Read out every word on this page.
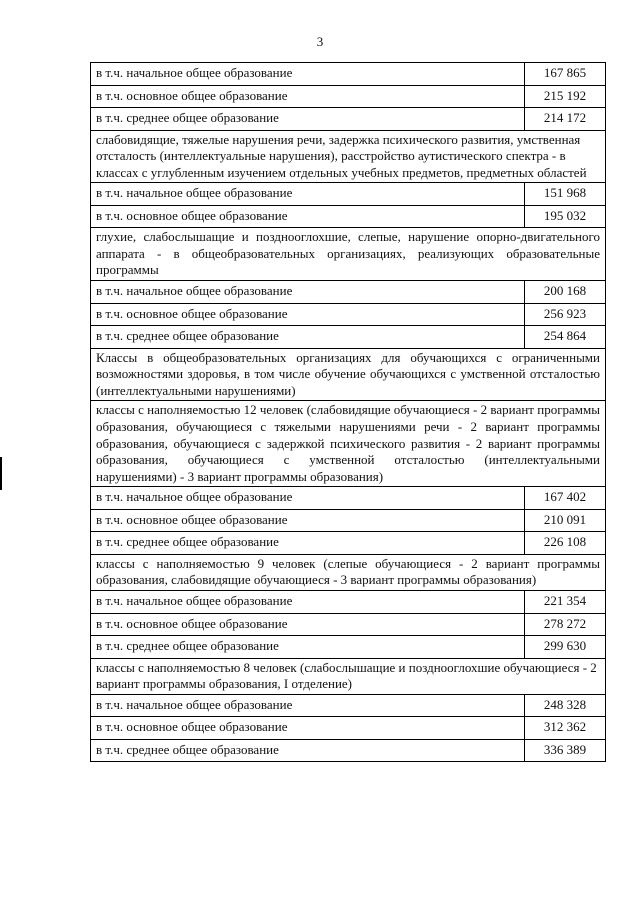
3
в т.ч. начальное общее образование	167 865
в т.ч. основное общее образование	215 192
в т.ч. среднее общее образование	214 172
слабовидящие, тяжелые нарушения речи, задержка психического развития, умственная отсталость (интеллектуальные нарушения), расстройство аутистического спектра - в классах с углубленным изучением отдельных учебных предметов, предметных областей	
в т.ч. начальное общее образование	151 968
в т.ч. основное общее образование	195 032
глухие, слабослышащие и позднооглохшие, слепые, нарушение опорно-двигательного аппарата - в общеобразовательных организациях, реализующих образовательные программы	
в т.ч. начальное общее образование	200 168
в т.ч. основное общее образование	256 923
в т.ч. среднее общее образование	254 864
Классы в общеобразовательных организациях для обучающихся с ограниченными возможностями здоровья, в том числе обучение обучающихся с умственной отсталостью (интеллектуальными нарушениями)	
классы с наполняемостью 12 человек (слабовидящие обучающиеся - 2 вариант программы образования, обучающиеся с тяжелыми нарушениями речи - 2 вариант программы образования, обучающиеся с задержкой психического развития - 2 вариант программы образования, обучающиеся с умственной отсталостью (интеллектуальными нарушениями) - 3 вариант программы образования)	
в т.ч. начальное общее образование	167 402
в т.ч. основное общее образование	210 091
в т.ч. среднее общее образование	226 108
классы с наполняемостью 9 человек (слепые обучающиеся - 2 вариант программы образования, слабовидящие обучающиеся - 3 вариант программы образования)	
в т.ч. начальное общее образование	221 354
в т.ч. основное общее образование	278 272
в т.ч. среднее общее образование	299 630
классы с наполняемостью 8 человек (слабослышащие и позднооглохшие обучающиеся - 2 вариант программы образования, I отделение)	
в т.ч. начальное общее образование	248 328
в т.ч. основное общее образование	312 362
в т.ч. среднее общее образование	336 389
